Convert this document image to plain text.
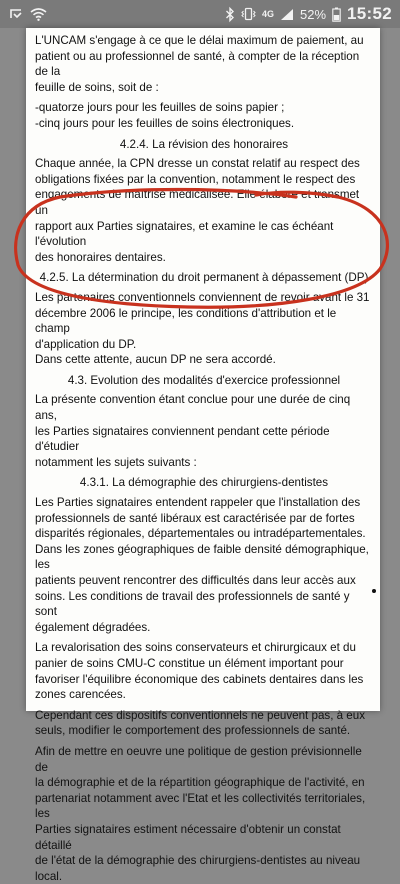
4G 52% 15:52

L'UNCAM s'engage à ce que le délai maximum de paiement, au

patient ou au professionnel de santé, à compter de la réception de la

feuille de soins, soit de :

-quatorze jours pour les feuilles de soins papier ;

-cinq jours pour les feuilles de soins électroniques.

4.2.4. La révision des honoraires

Chaque année, la CPN dresse un constat relatif au respect des

obligations fixées par la convention, notamment le respect des

engagements de maîtrise médicalisée. Elle élabore et transmet un

rapport aux Parties signataires, et examine le cas échéant l'évolution

des honoraires dentaires.

4.2.5. La détermination du droit permanent à dépassement (DP)

Les partenaires conventionnels conviennent de revoir avant le 31

décembre 2006 le principe, les conditions d'attribution et le champ

d'application du DP.

Dans cette attente, aucun DP ne sera accordé.

4.3. Evolution des modalités d'exercice professionnel

La présente convention étant conclue pour une durée de cinq ans,

les Parties signataires conviennent pendant cette période d'étudier

notamment les sujets suivants :

4.3.1. La démographie des chirurgiens-dentistes

Les Parties signataires entendent rappeler que l'installation des

professionnels de santé libéraux est caractérisée par de fortes

disparités régionales, départementales ou intradépartementales.

Dans les zones géographiques de faible densité démographique, les

patients peuvent rencontrer des difficultés dans leur accès aux

soins. Les conditions de travail des professionnels de santé y sont

également dégradées.

La revalorisation des soins conservateurs et chirurgicaux et du

panier de soins CMU-C constitue un élément important pour

favoriser l'équilibre économique des cabinets dentaires dans les

zones carencées.

Cependant ces dispositifs conventionnels ne peuvent pas, à eux

seuls, modifier le comportement des professionnels de santé.

Afin de mettre en oeuvre une politique de gestion prévisionnelle de

la démographie et de la répartition géographique de l'activité, en

partenariat notamment avec l'Etat et les collectivités territoriales, les

Parties signataires estiment nécessaire d'obtenir un constat détaillé

de l'état de la démographie des chirurgiens-dentistes au niveau

local.
